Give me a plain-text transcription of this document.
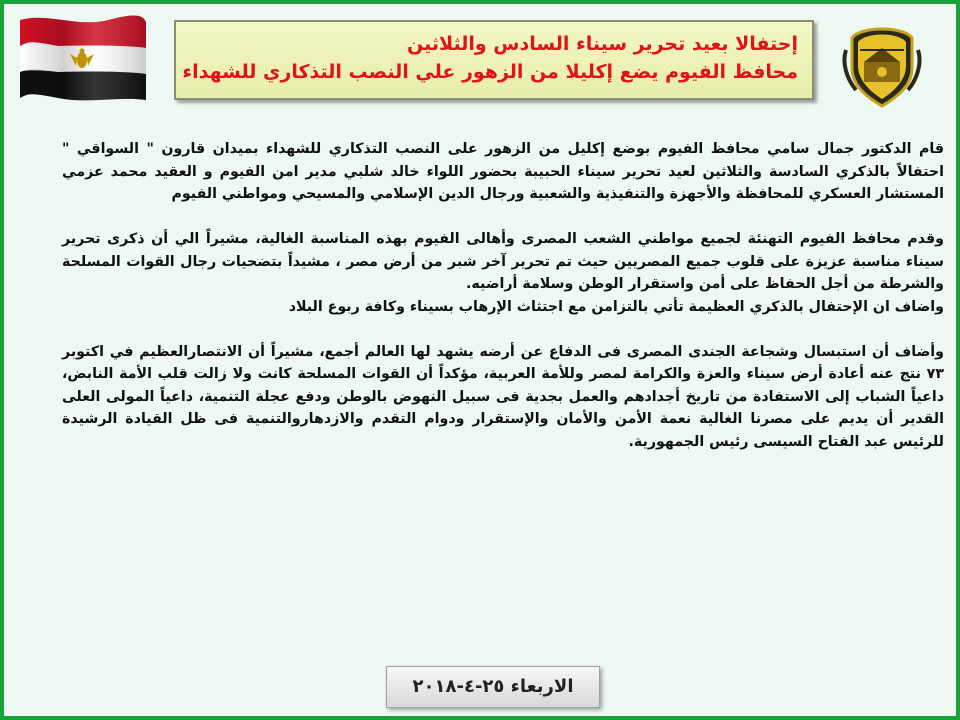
إحتفالا بعيد تحرير سيناء السادس والثلاثين
محافظ الفيوم يضع إكليلا من الزهور علي النصب التذكاري للشهداء

قام الدكتور جمال سامي محافظ الفيوم بوضع إكليل من الزهور على النصب التذكاري للشهداء بميدان قارون " السواقي " احتفالاً بالذكري السادسة والثلاثين لعيد تحرير سيناء الحبيبة بحضور اللواء خالد شلبي مدير امن الفيوم و العقيد محمد عزمي المستشار العسكري للمحافظة والأجهزة والتنفيذية والشعبية ورجال الدين الإسلامي والمسيحي ومواطني الفيوم

وقدم محافظ الفيوم التهنئة لجميع مواطني الشعب المصرى وأهالى الفيوم بهذه المناسبة الغالية، مشيراً الي أن ذكرى تحرير سيناء مناسبة عزيزة على قلوب جميع المصريين حيث تم تحرير آخر شبر من أرض مصر ، مشيداً بتضحيات رجال القوات المسلحة والشرطة من أجل الحفاظ على أمن واستقرار الوطن وسلامة أراضيه.

واضاف ان الإحتفال بالذكري العظيمة تأتي بالتزامن مع اجتثاث الإرهاب بسيناء وكافة ربوع البلاد

وأضاف أن استبسال وشجاعة الجندى المصرى فى الدفاع عن أرضه يشهد لها العالم أجمع، مشيراً أن الانتصارالعظيم في اكتوبر ٧٣ نتج عنه أعادة أرض سيناء والعزة والكرامة لمصر وللأمة العربية، مؤكداً أن القوات المسلحة كانت ولا زالت قلب الأمة النابض، داعياً الشباب إلى الاستفادة من تاريخ أجدادهم والعمل بجدية فى سبيل النهوض بالوطن ودفع عجلة التنمية، داعياً المولى العلى القدير أن يديم على مصرنا الغالية نعمة الأمن والأمان والإستقرار ودوام التقدم والازدهاروالتنمية فى ظل القيادة الرشيدة للرئيس عبد الفتاح السيسى رئيس الجمهورية.

الاربعاء ٢٥-٤-٢٠١٨
